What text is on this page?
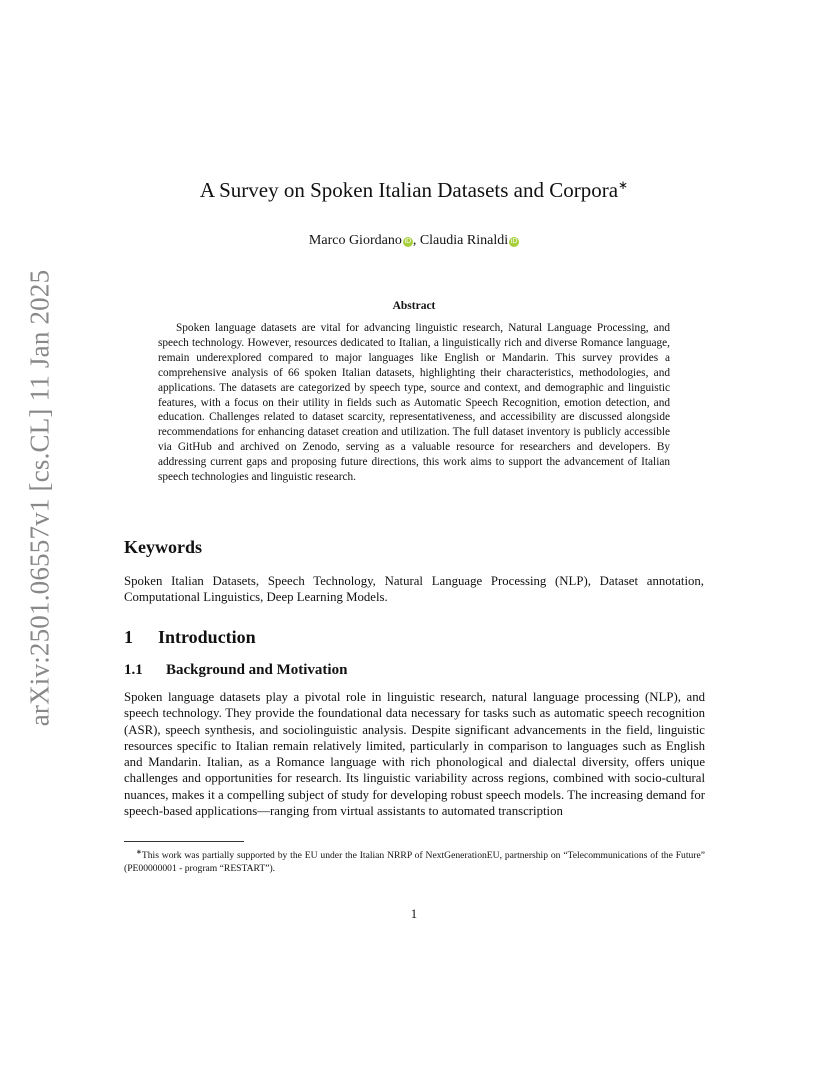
arXiv:2501.06557v1 [cs.CL] 11 Jan 2025
A Survey on Spoken Italian Datasets and Corpora∗
Marco Giordano iD , Claudia Rinaldi iD
Abstract

Spoken language datasets are vital for advancing linguistic research, Natural Language Processing, and speech technology. However, resources dedicated to Italian, a linguistically rich and diverse Romance language, remain underexplored compared to major languages like English or Mandarin. This survey provides a comprehensive analysis of 66 spoken Italian datasets, highlighting their characteristics, methodologies, and applications. The datasets are categorized by speech type, source and context, and demographic and linguistic features, with a focus on their utility in fields such as Automatic Speech Recognition, emotion detection, and education. Challenges related to dataset scarcity, representativeness, and accessibility are discussed alongside recommendations for enhancing dataset creation and utilization. The full dataset inventory is publicly accessible via GitHub and archived on Zenodo, serving as a valuable resource for researchers and developers. By addressing current gaps and proposing future directions, this work aims to support the advancement of Italian speech technologies and linguistic research.

Keywords

Spoken Italian Datasets, Speech Technology, Natural Language Processing (NLP), Dataset annotation, Computational Linguistics, Deep Learning Models.

1 Introduction
1.1 Background and Motivation

Spoken language datasets play a pivotal role in linguistic research, natural language processing (NLP), and speech technology. They provide the foundational data necessary for tasks such as automatic speech recognition (ASR), speech synthesis, and sociolinguistic analysis. Despite significant advancements in the field, linguistic resources specific to Italian remain relatively limited, particularly in comparison to languages such as English and Mandarin. Italian, as a Romance language with rich phonological and dialectal diversity, offers unique challenges and opportunities for research. Its linguistic variability across regions, combined with socio-cultural nuances, makes it a compelling subject of study for developing robust speech models. The increasing demand for speech-based applications—ranging from virtual assistants to automated transcription

∗This work was partially supported by the EU under the Italian NRRP of NextGenerationEU, partnership on “Telecommunications of the Future” (PE00000001 - program “RESTART”).

1
